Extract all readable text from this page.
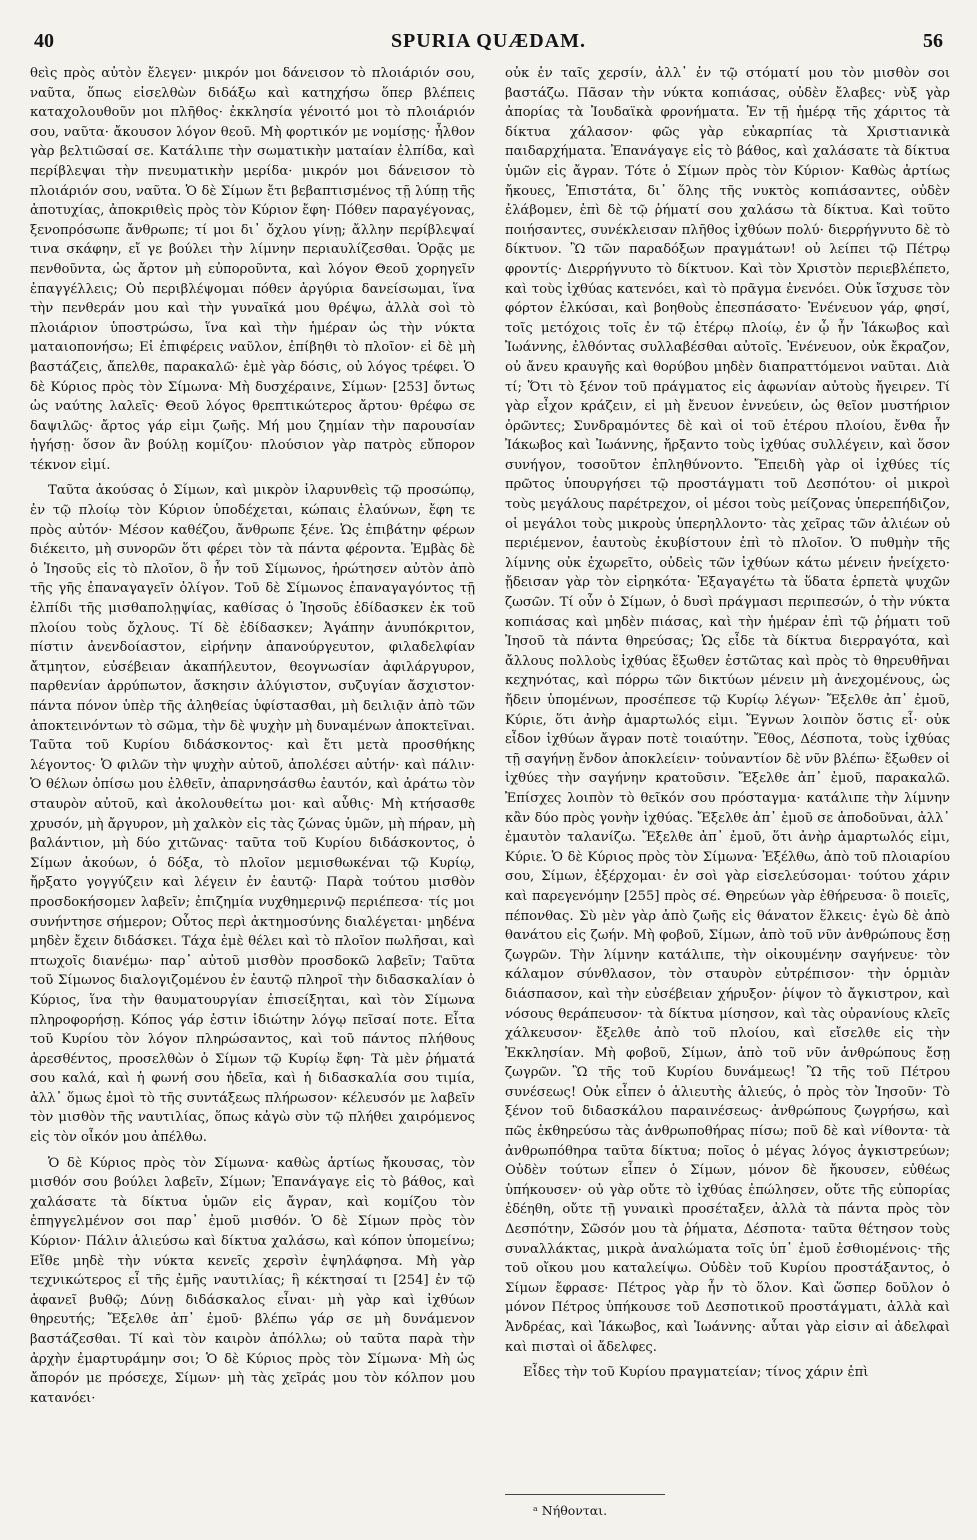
40	SPURIA QUÆDAM.	56

θεὶς πρὸς αὐτὸν ἔλεγεν· μικρόν μοι δάνεισον τὸ πλοιάριόν σου, ναῦτα, ὅπως εἰσελθὼν διδάξω καὶ κατηχήσω ὅπερ βλέπεις καταχολουθοῦν μοι πλῆθος· ἐκκλησία γένοιτό μοι τὸ πλοιάριόν σου, ναῦτα· ἄκουσον λόγον θεοῦ. Μὴ φορτικόν με νομίσῃς· ἦλθον γὰρ βελτιῶσαί σε. Κατάλιπε τὴν σωματικὴν ματαίαν ἐλπίδα, καὶ περίβλεψαι τὴν πνευματικὴν μερίδα· μικρόν μοι δάνεισον τὸ πλοιάριόν σου, ναῦτα. Ὁ δὲ Σίμων ἔτι βεβαπτισμένος τῇ λύπῃ τῆς ἀποτυχίας, ἀποκριθεὶς πρὸς τὸν Κύριον ἔφη· Πόθεν παραγέγονας, ξενοπρόσωπε ἄνθρωπε; τί μοι δι᾽ ὄχλου γίνῃ; ἄλλην περίβλεψαί τινα σκάφην, εἴ γε βούλει τὴν λίμνην περιαυλίζεσθαι. Ὁρᾷς με πενθοῦντα, ὡς ἄρτον μὴ εὐποροῦντα, καὶ λόγον Θεοῦ χορηγεῖν ἐπαγγέλλεις; Οὐ περιβλέψομαι πόθεν ἀργύρια δανείσωμαι, ἵνα τὴν πενθεράν μου καὶ τὴν γυναῖκά μου θρέψω, ἀλλὰ σοὶ τὸ πλοιάριον ὑποστρώσω, ἵνα καὶ τὴν ἡμέραν ὡς τὴν νύκτα ματαιοπονήσω; Εἰ ἐπιφέρεις ναῦλον, ἐπίβηθι τὸ πλοῖον· εἰ δὲ μὴ βαστάζεις, ἄπελθε, παρακαλῶ· ἐμὲ γὰρ δόσις, οὐ λόγος τρέφει. Ὁ δὲ Κύριος πρὸς τὸν Σίμωνα· Μὴ δυσχέραινε, Σίμων· [253] ὄντως ὡς ναύτης λαλεῖς· Θεοῦ λόγος θρεπτικώτερος ἄρτου· θρέφω σε δαψιλῶς· ἄρτος γάρ εἰμι ζωῆς. Μή μου ζημίαν τὴν παρουσίαν ἡγήσῃ· ὅσον ἂν βούλῃ κομίζου· πλούσιον γὰρ πατρὸς εὔπορον τέκνον εἰμί.

Ταῦτα ἀκούσας ὁ Σίμων, καὶ μικρὸν ἱλαρυνθεὶς τῷ προσώπῳ, ἐν τῷ πλοίῳ τὸν Κύριον ὑποδέχεται, κώπαις ἐλαύνων, ἔφη τε πρὸς αὐτόν· Μέσον καθέζου, ἄνθρωπε ξένε. Ὡς ἐπιβάτην φέρων διέκειτο, μὴ συνορῶν ὅτι φέρει τὸν τὰ πάντα φέροντα. Ἐμβὰς δὲ ὁ Ἰησοῦς εἰς τὸ πλοῖον, ὃ ἦν τοῦ Σίμωνος, ἠρώτησεν αὐτὸν ἀπὸ τῆς γῆς ἐπαναγαγεῖν ὀλίγον. Τοῦ δὲ Σίμωνος ἐπαναγαγόντος τῇ ἐλπίδι τῆς μισθαπολῃψίας, καθίσας ὁ Ἰησοῦς ἐδίδασκεν ἐκ τοῦ πλοίου τοὺς ὄχλους. Τί δὲ ἐδίδασκεν; Ἀγάπην ἀνυπόκριτον, πίστιν ἀνενδοίαστον, εἰρήνην ἀπανούργευτον, φιλαδελφίαν ἄτμητον, εὐσέβειαν ἀκαπήλευτον, θεογνωσίαν ἀφιλάργυρον, παρθενίαν ἀρρύπωτον, ἄσκησιν ἀλύγιστον, συζυγίαν ἄσχιστον· πάντα πόνον ὑπὲρ τῆς ἀληθείας ὑφίστασθαι, μὴ δειλιᾷν ἀπὸ τῶν ἀποκτεινόντων τὸ σῶμα, τὴν δὲ ψυχὴν μὴ δυναμένων ἀποκτεῖναι. Ταῦτα τοῦ Κυρίου διδάσκοντος· καὶ ἔτι μετὰ προσθήκης λέγοντος· Ὁ φιλῶν τὴν ψυχὴν αὐτοῦ, ἀπολέσει αὐτήν· καὶ πάλιν· Ὁ θέλων ὀπίσω μου ἐλθεῖν, ἀπαρνησάσθω ἑαυτόν, καὶ ἀράτω τὸν σταυρὸν αὐτοῦ, καὶ ἀκολουθείτω μοι· καὶ αὖθις· Μὴ κτήσασθε χρυσόν, μὴ ἄργυρον, μὴ χαλκὸν εἰς τὰς ζώνας ὑμῶν, μὴ πήραν, μὴ βαλάντιον, μὴ δύο χιτῶνας· ταῦτα τοῦ Κυρίου διδάσκοντος, ὁ Σίμων ἀκούων, ὁ δόξα, τὸ πλοῖον μεμισθωκέναι τῷ Κυρίῳ, ἤρξατο γογγύζειν καὶ λέγειν ἐν ἑαυτῷ· Παρὰ τούτου μισθὸν προσδοκήσομεν λαβεῖν; ἐπιζημία νυχθημερινῷ περιέπεσα· τίς μοι συνήντησε σήμερον; Οὗτος περὶ ἀκτημοσύνης διαλέγεται· μηδένα μηδὲν ἔχειν διδάσκει. Τάχα ἐμὲ θέλει καὶ τὸ πλοῖον πωλῆσαι, καὶ πτωχοῖς διανέμω· παρ᾽ αὐτοῦ μισθὸν προσδοκῶ λαβεῖν; Ταῦτα τοῦ Σίμωνος διαλογιζομένου ἐν ἑαυτῷ πληροῖ τὴν διδασκαλίαν ὁ Κύριος, ἵνα τὴν θαυματουργίαν ἐπισείξηται, καὶ τὸν Σίμωνα πληροφορήσῃ. Κόπος γάρ ἐστιν ἰδιώτην λόγῳ πεῖσαί ποτε. Εἶτα τοῦ Κυρίου τὸν λόγον πληρώσαντος, καὶ τοῦ πάντος πλήθους ἀρεσθέντος, προσελθὼν ὁ Σίμων τῷ Κυρίῳ ἔφη· Τὰ μὲν ῥήματά σου καλά, καὶ ἡ φωνή σου ἡδεῖα, καὶ ἡ διδασκαλία σου τιμία, ἀλλ᾽ ὅμως ἐμοὶ τὸ τῆς συντάξεως πλήρωσον· κέλευσόν με λαβεῖν τὸν μισθὸν τῆς ναυτιλίας, ὅπως κἀγὼ σὺν τῷ πλήθει χαιρόμενος εἰς τὸν οἶκόν μου ἀπέλθω.

Ὁ δὲ Κύριος πρὸς τὸν Σίμωνα· καθὼς ἀρτίως ἤκουσας, τὸν μισθόν σου βούλει λαβεῖν, Σίμων; Ἐπανάγαγε εἰς τὸ βάθος, καὶ χαλάσατε τὰ δίκτυα ὑμῶν εἰς ἄγραν, καὶ κομίζου τὸν ἐπηγγελμένον σοι παρ᾽ ἐμοῦ μισθόν. Ὁ δὲ Σίμων πρὸς τὸν Κύριον· Πάλιν ἁλιεύσω καὶ δίκτυα χαλάσω, καὶ κόπον ὑπομείνω; Εἴθε μηδὲ τὴν νύκτα κενεῖς χερσὶν ἐψηλάφησα. Μὴ γὰρ τεχνικώτερος εἶ τῆς ἐμῆς ναυτιλίας; ἣ κέκτησαί τι [254] ἐν τῷ ἀφανεῖ βυθῷ; Δύνῃ διδάσκαλος εἶναι· μὴ γὰρ καὶ ἰχθύων θηρευτής; Ἔξελθε ἀπ᾽ ἐμοῦ· βλέπω γάρ σε μὴ δυνάμενον βαστάζεσθαι. Τί καὶ τὸν καιρὸν ἀπόλλω; οὐ ταῦτα παρὰ τὴν ἀρχὴν ἐμαρτυράμην σοι; Ὁ δὲ Κύριος πρὸς τὸν Σίμωνα· Μὴ ὡς ἄπορόν με πρόσεχε, Σίμων· μὴ τὰς χεῖράς μου τὸν κόλπον μου κατανόει·

οὐκ ἐν ταῖς χερσίν, ἀλλ᾽ ἐν τῷ στόματί μου τὸν μισθὸν σοι βαστάζω. Πᾶσαν τὴν νύκτα κοπιάσας, οὐδὲν ἔλαβες· νὺξ γὰρ ἀπορίας τὰ Ἰουδαϊκὰ φρονήματα. Ἐν τῇ ἡμέρᾳ τῆς χάριτος τὰ δίκτυα χάλασον· φῶς γὰρ εὐκαρπίας τὰ Χριστιανικὰ παιδαρχήματα. Ἐπανάγαγε εἰς τὸ βάθος, καὶ χαλάσατε τὰ δίκτυα ὑμῶν εἰς ἄγραν. Τότε ὁ Σίμων πρὸς τὸν Κύριον· Καθὼς ἀρτίως ἤκουες, Ἐπιστάτα, δι᾽ ὅλης τῆς νυκτὸς κοπιάσαντες, οὐδὲν ἐλάβομεν, ἐπὶ δὲ τῷ ῥήματί σου χαλάσω τὰ δίκτυα. Καὶ τοῦτο ποιήσαντες, συνέκλεισαν πλῆθος ἰχθύων πολύ· διερρήγνυτο δὲ τὸ δίκτυον. Ὢ τῶν παραδόξων πραγμάτων! οὐ λείπει τῷ Πέτρῳ φροντίς· Διερρήγνυτο τὸ δίκτυον. Καὶ τὸν Χριστὸν περιεβλέπετο, καὶ τοὺς ἰχθύας κατενόει, καὶ τὸ πρᾶγμα ἐνενόει. Οὐκ ἴσχυσε τὸν φόρτον ἑλκύσαι, καὶ βοηθοὺς ἐπεσπάσατο· Ἐνένευον γάρ, φησί, τοῖς μετόχοις τοῖς ἐν τῷ ἑτέρῳ πλοίῳ, ἐν ᾧ ἦν Ἰάκωβος καὶ Ἰωάννης, ἐλθόντας συλλαβέσθαι αὐτοῖς. Ἐνένευον, οὐκ ἔκραζον, οὐ ἄνευ κραυγῆς καὶ θορύβου μηδὲν διαπραττόμενοι ναῦται. Διὰ τί; Ὅτι τὸ ξένον τοῦ πράγματος εἰς ἀφωνίαν αὐτοὺς ἤγειρεν. Τί γὰρ εἶχον κράζειν, εἰ μὴ ἔνευον ἐννεύειν, ὡς θεῖον μυστήριον ὁρῶντες; Συνδραμόντες δὲ καὶ οἱ τοῦ ἑτέρου πλοίου, ἔνθα ἦν Ἰάκωβος καὶ Ἰωάννης, ἤρξαντο τοὺς ἰχθύας συλλέγειν, καὶ ὅσον συνήγον, τοσοῦτον ἐπληθύνοντο. Ἔπειδὴ γὰρ οἱ ἰχθύες τίς πρῶτος ὑπουργήσει τῷ προστάγματι τοῦ Δεσπότου· οἱ μικροὶ τοὺς μεγάλους παρέτρεχον, οἱ μέσοι τοὺς μείζονας ὑπερεπήδιζον, οἱ μεγάλοι τοὺς μικροὺς ὑπερηλλοντο· τὰς χεῖρας τῶν ἁλιέων οὐ περιέμενον, ἑαυτοὺς ἐκυβίστουν ἐπὶ τὸ πλοῖον. Ὁ πυθμὴν τῆς λίμνης οὐκ ἐχωρεῖτο, οὐδεὶς τῶν ἰχθύων κάτω μένειν ἠνείχετο· ᾔδεισαν γὰρ τὸν εἰρηκότα· Ἐξαγαγέτω τὰ ὕδατα ἑρπετὰ ψυχῶν ζωσῶν. Τί οὖν ὁ Σίμων, ὁ δυσὶ πράγμασι περιπεσών, ὁ τὴν νύκτα κοπιάσας καὶ μηδὲν πιάσας, καὶ τὴν ἡμέραν ἐπὶ τῷ ῥήματι τοῦ Ἰησοῦ τὰ πάντα θηρεύσας; Ὡς εἶδε τὰ δίκτυα διερραγότα, καὶ ἄλλους πολλοὺς ἰχθύας ἔξωθεν ἑστῶτας καὶ πρὸς τὸ θηρευθῆναι κεχηνότας, καὶ πόρρω τῶν δικτύων μένειν μὴ ἀνεχομένους, ὡς ἤδειν ὑπομένων, προσέπεσε τῷ Κυρίῳ λέγων· Ἔξελθε ἀπ᾽ ἐμοῦ, Κύριε, ὅτι ἀνὴρ ἁμαρτωλός εἰμι. Ἔγνων λοιπὸν ὅστις εἶ· οὐκ εἶδον ἰχθύων ἄγραν ποτὲ τοιαύτην. Ἔθος, Δέσποτα, τοὺς ἰχθύας τῇ σαγήνῃ ἔνδον ἀποκλείειν· τοὐναντίον δὲ νῦν βλέπω· ἔξωθεν οἱ ἰχθύες τὴν σαγήνην κρατοῦσιν. Ἔξελθε ἀπ᾽ ἐμοῦ, παρακαλῶ. Ἐπίσχες λοιπὸν τὸ θεῖκόν σου πρόσταγμα· κατάλιπε τὴν λίμνην κἂν δύο πρὸς γονὴν ἰχθύας. Ἔξελθε ἀπ᾽ ἐμοῦ σε ἀποδοῦναι, ἀλλ᾽ ἐμαυτὸν ταλανίζω. Ἔξελθε ἀπ᾽ ἐμοῦ, ὅτι ἀνὴρ ἁμαρτωλός εἰμι, Κύριε. Ὁ δὲ Κύριος πρὸς τὸν Σίμωνα· Ἐξέλθω, ἀπὸ τοῦ πλοιαρίου σου, Σίμων, ἐξέρχομαι· ἐν σοὶ γὰρ εἰσελεύσομαι· τούτου χάριν καὶ παρεγενόμην [255] πρὸς σέ. Θηρεύων γὰρ ἐθήρευσα· ὃ ποιεῖς, πέπονθας. Σὺ μὲν γὰρ ἀπὸ ζωῆς εἰς θάνατον ἕλκεις· ἐγὼ δὲ ἀπὸ θανάτου εἰς ζωήν. Μὴ φοβοῦ, Σίμων, ἀπὸ τοῦ νῦν ἀνθρώπους ἔσῃ ζωγρῶν. Τὴν λίμνην κατάλιπε, τὴν οἰκουμένην σαγήνευε· τὸν κάλαμον σύνθλασον, τὸν σταυρὸν εὐτρέπισον· τὴν ὁρμιὰν διάσπασον, καὶ τὴν εὐσέβειαν χήρυξον· ῥίψον τὸ ἄγκιστρον, καὶ νόσους θεράπευσον· τὰ δίκτυα μίσησον, καὶ τὰς οὐρανίους κλεῖς χάλκευσον· ἔξελθε ἀπὸ τοῦ πλοίου, καὶ εἴσελθε εἰς τὴν Ἐκκλησίαν. Μὴ φοβοῦ, Σίμων, ἀπὸ τοῦ νῦν ἀνθρώπους ἔσῃ ζωγρῶν. Ὢ τῆς τοῦ Κυρίου δυνάμεως! Ὢ τῆς τοῦ Πέτρου συνέσεως! Οὐκ εἶπεν ὁ ἁλιευτὴς ἁλιεύς, ὁ πρὸς τὸν Ἰησοῦν· Τὸ ξένον τοῦ διδασκάλου παραινέσεως· ἀνθρώπους ζωγρήσω, καὶ πῶς ἐκθηρεύσω τὰς ἀνθρωποθήρας πίσω; ποῦ δὲ καὶ νίθοντα· τὰ ἀνθρωπόθηρα ταῦτα δίκτυα; ποῖος ὁ μέγας λόγος ἀγκιστρεύων; Οὐδὲν τούτων εἶπεν ὁ Σίμων, μόνον δὲ ἤκουσεν, εὐθέως ὑπήκουσεν· οὐ γὰρ οὔτε τὸ ἰχθύας ἐπώλησεν, οὔτε τῆς εὐπορίας ἐδέηθη, οὔτε τῇ γυναικὶ προσέταξεν, ἀλλὰ τὰ πάντα πρὸς τὸν Δεσπότην, Σῶσόν μου τὰ ῥήματα, Δέσποτα· ταῦτα θέτησον τοὺς συναλλάκτας, μικρὰ ἀναλώματα τοῖς ὑπ᾽ ἐμοῦ ἐσθιομένοις· τῆς τοῦ οἴκου μου καταλείψω. Οὐδὲν τοῦ Κυρίου προστάξαντος, ὁ Σίμων ἔφρασε· Πέτρος γὰρ ἦν τὸ ὅλον. Καὶ ὥσπερ δοῦλον ὁ μόνον Πέτρος ὑπήκουσε τοῦ Δεσποτικοῦ προστάγματι, ἀλλὰ καὶ Ἀνδρέας, καὶ Ἰάκωβος, καὶ Ἰωάννης· αὗται γὰρ εἰσιν αἱ ἀδελφαὶ καὶ πισταὶ οἱ ἄδελφες.

Εἶδες τὴν τοῦ Κυρίου πραγματείαν; τίνος χάριν ἐπὶ

ᵃ Νήθονται.
